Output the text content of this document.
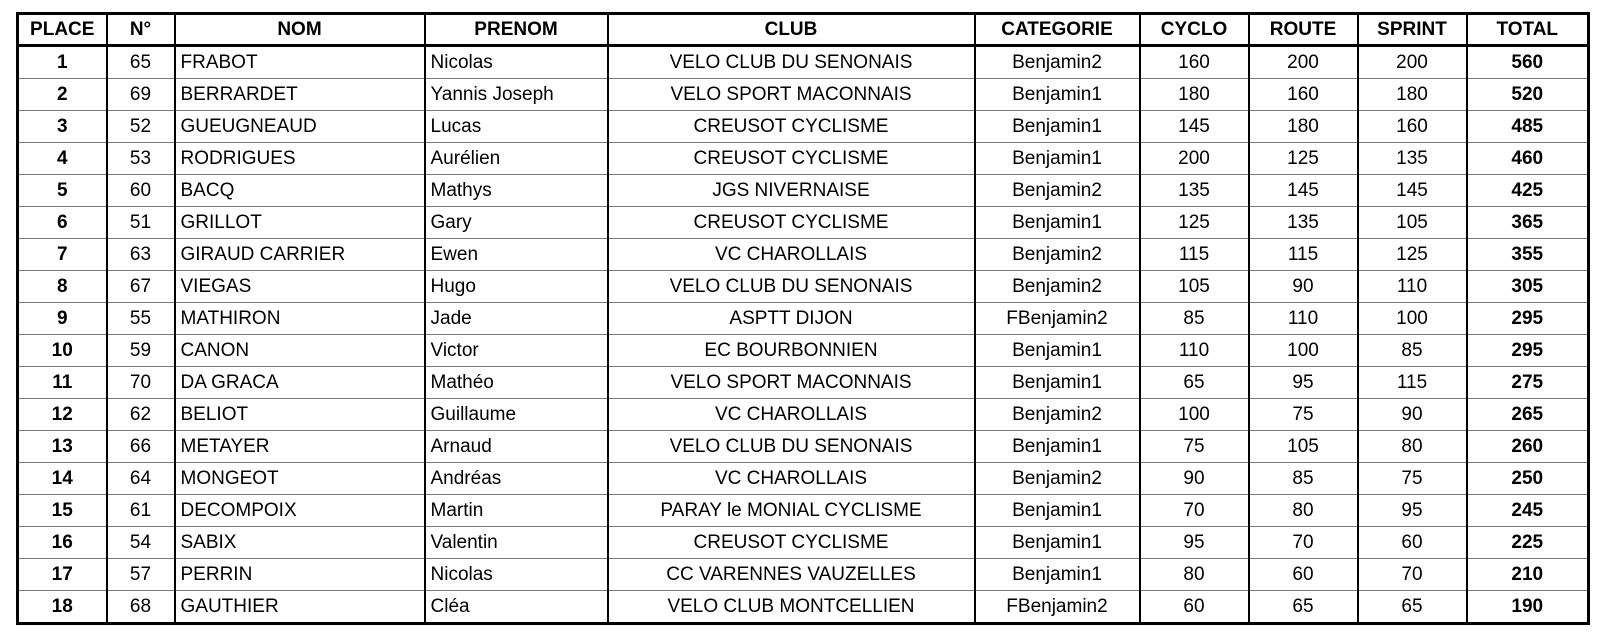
PLACE	N°	NOM	PRENOM	CLUB	CATEGORIE	CYCLO	ROUTE	SPRINT	TOTAL
1	65	FRABOT	Nicolas	VELO CLUB DU SENONAIS	Benjamin2	160	200	200	560
2	69	BERRARDET	Yannis Joseph	VELO SPORT MACONNAIS	Benjamin1	180	160	180	520
3	52	GUEUGNEAUD	Lucas	CREUSOT CYCLISME	Benjamin1	145	180	160	485
4	53	RODRIGUES	Aurélien	CREUSOT CYCLISME	Benjamin1	200	125	135	460
5	60	BACQ	Mathys	JGS NIVERNAISE	Benjamin2	135	145	145	425
6	51	GRILLOT	Gary	CREUSOT CYCLISME	Benjamin1	125	135	105	365
7	63	GIRAUD CARRIER	Ewen	VC CHAROLLAIS	Benjamin2	115	115	125	355
8	67	VIEGAS	Hugo	VELO CLUB DU SENONAIS	Benjamin2	105	90	110	305
9	55	MATHIRON	Jade	ASPTT DIJON	FBenjamin2	85	110	100	295
10	59	CANON	Victor	EC BOURBONNIEN	Benjamin1	110	100	85	295
11	70	DA GRACA	Mathéo	VELO SPORT MACONNAIS	Benjamin1	65	95	115	275
12	62	BELIOT	Guillaume	VC CHAROLLAIS	Benjamin2	100	75	90	265
13	66	METAYER	Arnaud	VELO CLUB DU SENONAIS	Benjamin1	75	105	80	260
14	64	MONGEOT	Andréas	VC CHAROLLAIS	Benjamin2	90	85	75	250
15	61	DECOMPOIX	Martin	PARAY le MONIAL CYCLISME	Benjamin1	70	80	95	245
16	54	SABIX	Valentin	CREUSOT CYCLISME	Benjamin1	95	70	60	225
17	57	PERRIN	Nicolas	CC VARENNES VAUZELLES	Benjamin1	80	60	70	210
18	68	GAUTHIER	Cléa	VELO CLUB MONTCELLIEN	FBenjamin2	60	65	65	190
